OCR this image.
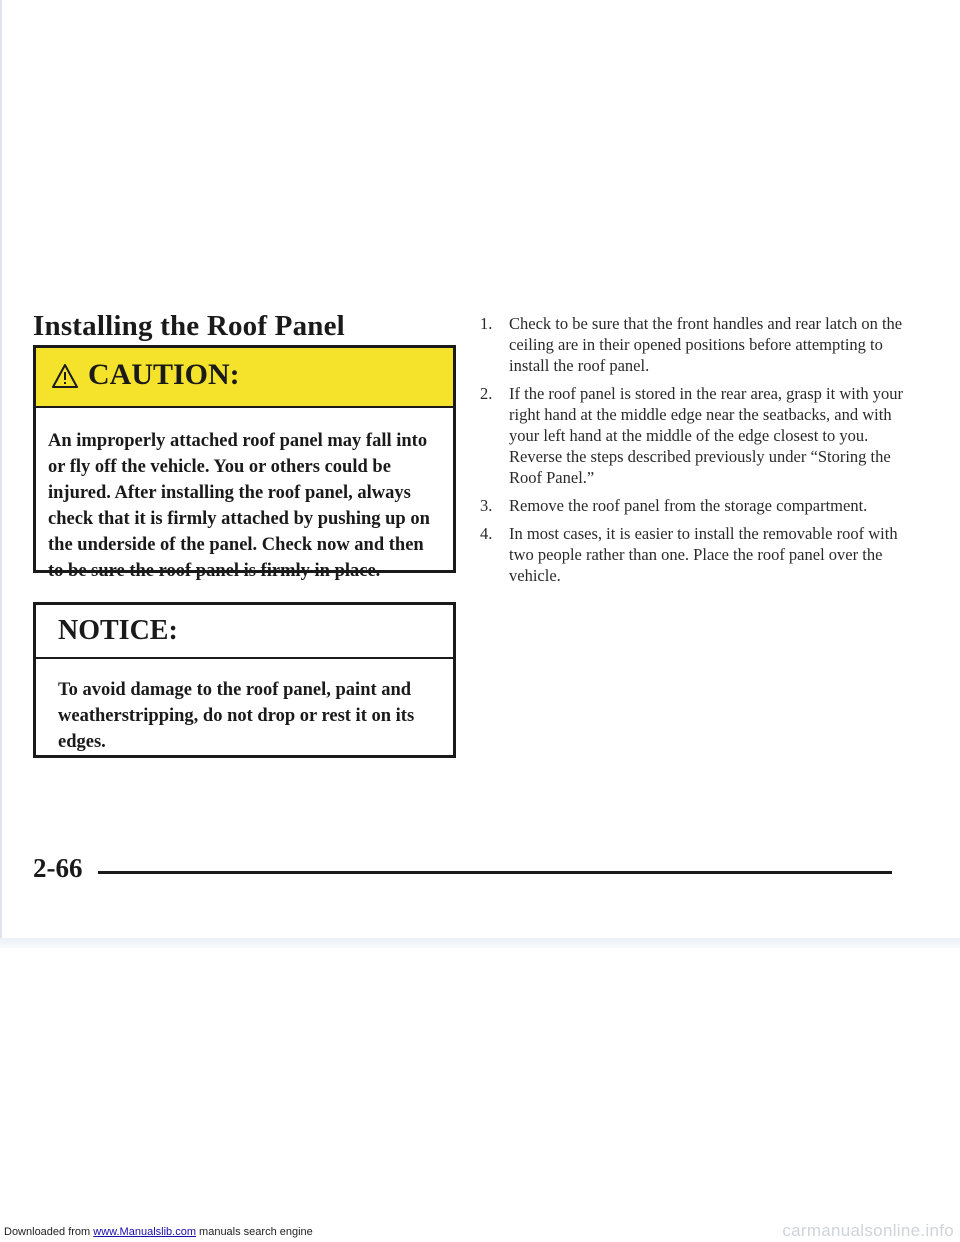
Installing the Roof Panel
CAUTION:
An improperly attached roof panel may fall into or fly off the vehicle. You or others could be injured. After installing the roof panel, always check that it is firmly attached by pushing up on the underside of the panel. Check now and then to be sure the roof panel is firmly in place.
NOTICE:
To avoid damage to the roof panel, paint and weatherstripping, do not drop or rest it on its edges.
1. Check to be sure that the front handles and rear latch on the ceiling are in their opened positions before attempting to install the roof panel.
2. If the roof panel is stored in the rear area, grasp it with your right hand at the middle edge near the seatbacks, and with your left hand at the middle of the edge closest to you. Reverse the steps described previously under “Storing the Roof Panel.”
3. Remove the roof panel from the storage compartment.
4. In most cases, it is easier to install the removable roof with two people rather than one. Place the roof panel over the vehicle.
2-66
Downloaded from www.Manualslib.com manuals search engine	carmanualsonline.info
